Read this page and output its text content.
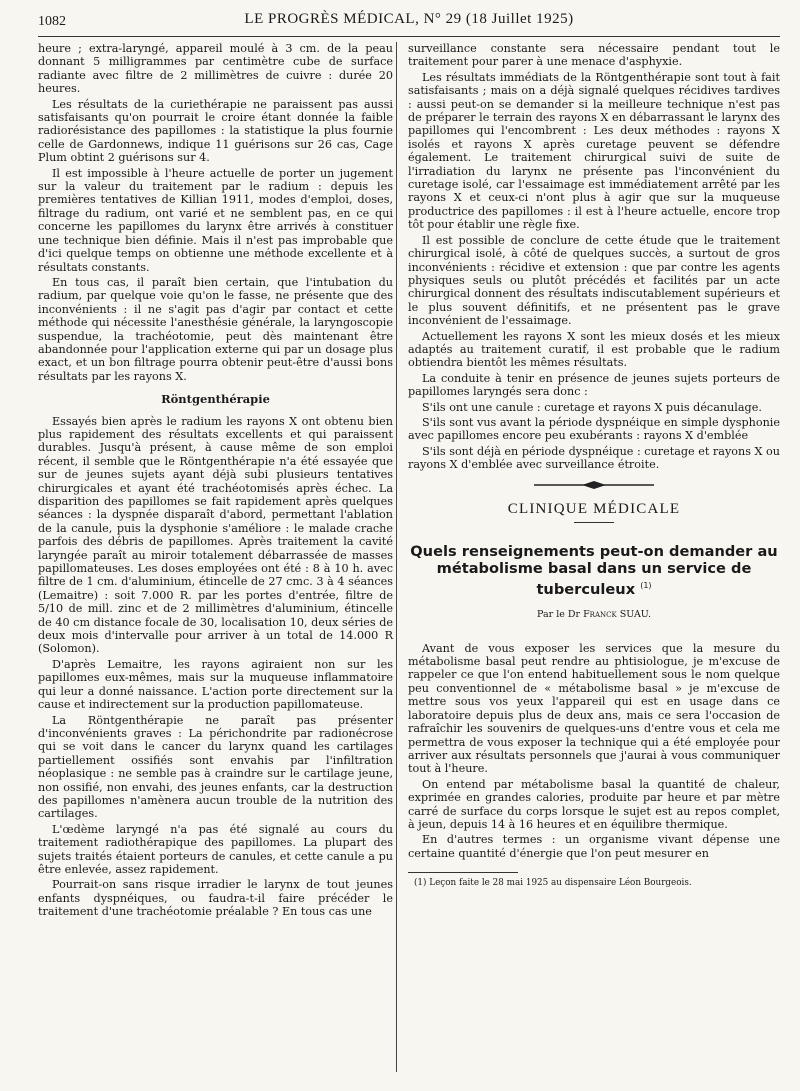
1082	LE PROGRÈS MÉDICAL, N° 29 (18 Juillet 1925)

heure ; extra-laryngé, appareil moulé à 3 cm. de la peau donnant 5 milligrammes par centimètre cube de surface radiante avec filtre de 2 millimètres de cuivre : durée 20 heures.

Les résultats de la curiethérapie ne paraissent pas aussi satisfaisants qu'on pourrait le croire étant donnée la faible radiorésistance des papillomes : la statistique la plus fournie celle de Gardonnews, indique 11 guérisons sur 26 cas, Cage Plum obtint 2 guérisons sur 4.

Il est impossible à l'heure actuelle de porter un jugement sur la valeur du traitement par le radium : depuis les premières tentatives de Killian 1911, modes d'emploi, doses, filtrage du radium, ont varié et ne semblent pas, en ce qui concerne les papillomes du larynx être arrivés à constituer une technique bien définie. Mais il n'est pas improbable que d'ici quelque temps on obtienne une méthode excellente et à résultats constants.

En tous cas, il paraît bien certain, que l'intubation du radium, par quelque voie qu'on le fasse, ne présente que des inconvénients : il ne s'agit pas d'agir par contact et cette méthode qui nécessite l'anesthésie générale, la laryngoscopie suspendue, la trachéotomie, peut dès maintenant être abandonnée pour l'application externe qui par un dosage plus exact, et un bon filtrage pourra obtenir peut-être d'aussi bons résultats par les rayons X.

Röntgenthérapie

Essayés bien après le radium les rayons X ont obtenu bien plus rapidement des résultats excellents et qui paraissent durables. Jusqu'à présent, à cause même de son emploi récent, il semble que le Röntgenthérapie n'a été essayée que sur de jeunes sujets ayant déjà subi plusieurs tentatives chirurgicales et ayant été trachéotomisés après échec. La disparition des papillomes se fait rapidement après quelques séances : la dyspnée disparaît d'abord, permettant l'ablation de la canule, puis la dysphonie s'améliore : le malade crache parfois des débris de papillomes. Après traitement la cavité laryngée paraît au miroir totalement débarrassée de masses papillomateuses. Les doses employées ont été : 8 à 10 h. avec filtre de 1 cm. d'aluminium, étincelle de 27 cmc. 3 à 4 séances (Lemaitre) : soit 7.000 R. par les portes d'entrée, filtre de 5/10 de mill. zinc et de 2 millimètres d'aluminium, étincelle de 40 cm distance focale de 30, localisation 10, deux séries de deux mois d'intervalle pour arriver à un total de 14.000 R (Solomon).

D'après Lemaitre, les rayons agiraient non sur les papillomes eux-mêmes, mais sur la muqueuse inflammatoire qui leur a donné naissance. L'action porte directement sur la cause et indirectement sur la production papillomateuse.

La Röntgenthérapie ne paraît pas présenter d'inconvénients graves : La périchondrite par radionécrose qui se voit dans le cancer du larynx quand les cartilages partiellement ossifiés sont envahis par l'infiltration néoplasique : ne semble pas à craindre sur le cartilage jeune, non ossifié, non envahi, des jeunes enfants, car la destruction des papillomes n'amènera aucun trouble de la nutrition des cartilages.

L'œdème laryngé n'a pas été signalé au cours du traitement radiothérapique des papillomes. La plupart des sujets traités étaient porteurs de canules, et cette canule a pu être enlevée, assez rapidement.

Pourrait-on sans risque irradier le larynx de tout jeunes enfants dyspnéiques, ou faudra-t-il faire précéder le traitement d'une trachéotomie préalable ? En tous cas une

surveillance constante sera nécessaire pendant tout le traitement pour parer à une menace d'asphyxie.

Les résultats immédiats de la Röntgenthérapie sont tout à fait satisfaisants ; mais on a déjà signalé quelques récidives tardives : aussi peut-on se demander si la meilleure technique n'est pas de préparer le terrain des rayons X en débarrassant le larynx des papillomes qui l'encombrent : Les deux méthodes : rayons X isolés et rayons X après curetage peuvent se défendre également. Le traitement chirurgical suivi de suite de l'irradiation du larynx ne présente pas l'inconvénient du curetage isolé, car l'essaimage est immédiatement arrêté par les rayons X et ceux-ci n'ont plus à agir que sur la muqueuse productrice des papillomes : il est à l'heure actuelle, encore trop tôt pour établir une règle fixe.

Il est possible de conclure de cette étude que le traitement chirurgical isolé, à côté de quelques succès, a surtout de gros inconvénients : récidive et extension : que par contre les agents physiques seuls ou plutôt précédés et facilités par un acte chirurgical donnent des résultats indiscutablement supérieurs et le plus souvent définitifs, et ne présentent pas le grave inconvénient de l'essaimage.

Actuellement les rayons X sont les mieux dosés et les mieux adaptés au traitement curatif, il est probable que le radium obtiendra bientôt les mêmes résultats.

La conduite à tenir en présence de jeunes sujets porteurs de papillomes laryngés sera donc :

S'ils ont une canule : curetage et rayons X puis décanulage.

S'ils sont vus avant la période dyspnéique en simple dysphonie avec papillomes encore peu exubérants : rayons X d'emblée

S'ils sont déjà en période dyspnéique : curetage et rayons X ou rayons X d'emblée avec surveillance étroite.

CLINIQUE MÉDICALE
Quels renseignements peut-on demander au métabolisme basal dans un service de tuberculeux $^{(1)}$
Par le Dr Franck SUAU.

Avant de vous exposer les services que la mesure du métabolisme basal peut rendre au phtisiologue, je m'excuse de rappeler ce que l'on entend habituellement sous le nom quelque peu conventionnel de « métabolisme basal » je m'excuse de mettre sous vos yeux l'appareil qui est en usage dans ce laboratoire depuis plus de deux ans, mais ce sera l'occasion de rafraîchir les souvenirs de quelques-uns d'entre vous et cela me permettra de vous exposer la technique qui a été employée pour arriver aux résultats personnels que j'aurai à vous communiquer tout à l'heure.

On entend par métabolisme basal la quantité de chaleur, exprimée en grandes calories, produite par heure et par mètre carré de surface du corps lorsque le sujet est au repos complet, à jeun, depuis 14 à 16 heures et en équilibre thermique.

En d'autres termes : un organisme vivant dépense une certaine quantité d'énergie que l'on peut mesurer en

(1) Leçon faite le 28 mai 1925 au dispensaire Léon Bourgeois.
